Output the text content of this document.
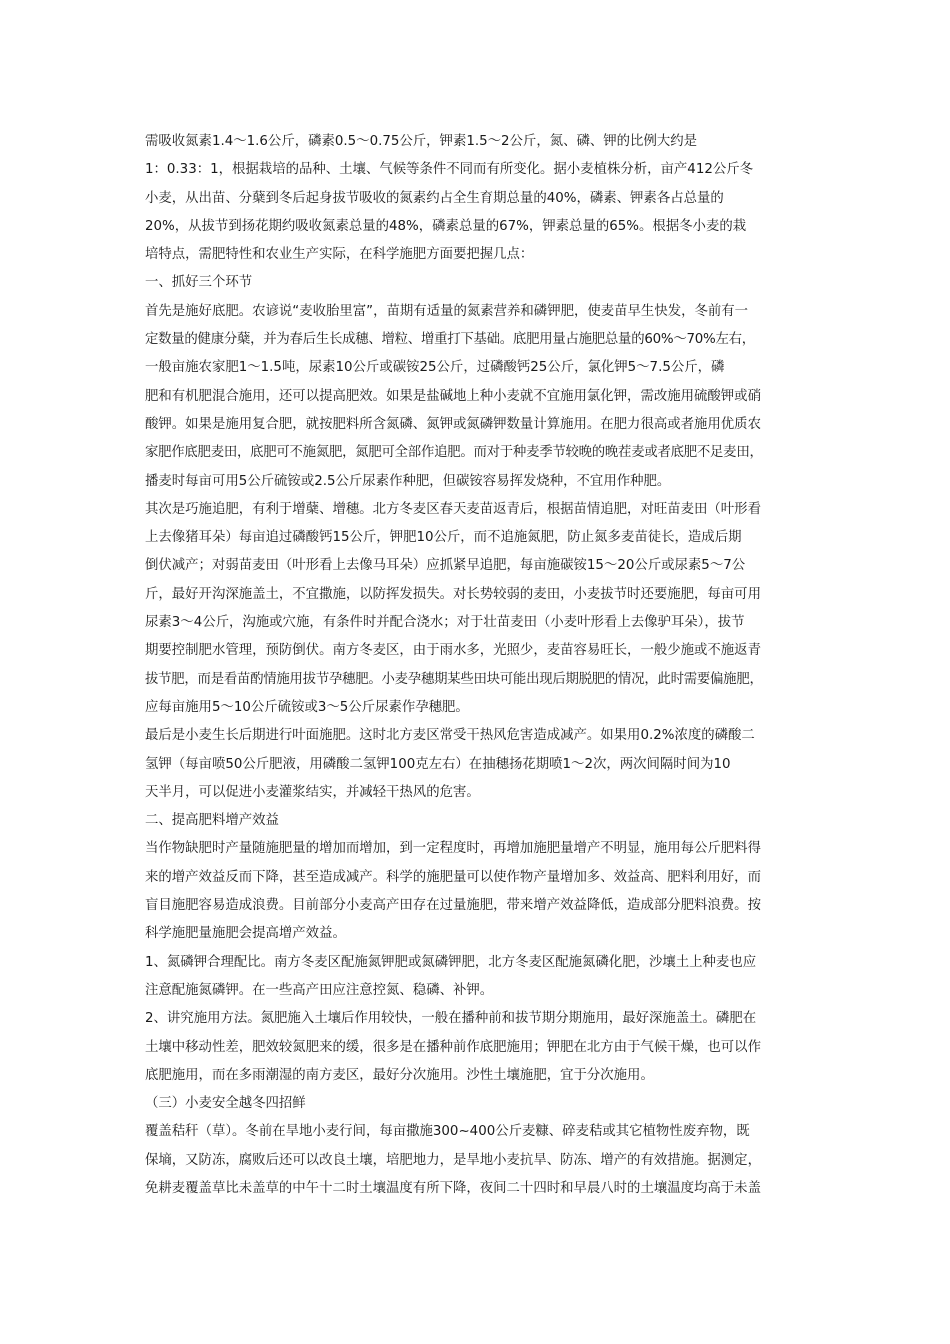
需吸收氮素1.4～1.6公斤，磷素0.5～0.75公斤，钾素1.5～2公斤，氮、磷、钾的比例大约是
1：0.33：1，根据栽培的品种、土壤、气候等条件不同而有所变化。据小麦植株分析，亩产412公斤冬
小麦，从出苗、分蘖到冬后起身拔节吸收的氮素约占全生育期总量的40%，磷素、钾素各占总量的
20%，从拔节到扬花期约吸收氮素总量的48%，磷素总量的67%，钾素总量的65%。根据冬小麦的栽
培特点，需肥特性和农业生产实际，在科学施肥方面要把握几点：
一、抓好三个环节
首先是施好底肥。农谚说“麦收胎里富”，苗期有适量的氮素营养和磷钾肥，使麦苗早生快发，冬前有一
定数量的健康分蘖，并为春后生长成穗、增粒、增重打下基础。底肥用量占施肥总量的60%～70%左右，
一般亩施农家肥1～1.5吨，尿素10公斤或碳铵25公斤，过磷酸钙25公斤，氯化钾5～7.5公斤，磷
肥和有机肥混合施用，还可以提高肥效。如果是盐碱地上种小麦就不宜施用氯化钾，需改施用硫酸钾或硝
酸钾。如果是施用复合肥，就按肥料所含氮磷、氮钾或氮磷钾数量计算施用。在肥力很高或者施用优质农
家肥作底肥麦田，底肥可不施氮肥，氮肥可全部作追肥。而对于种麦季节较晚的晚茬麦或者底肥不足麦田，
播麦时每亩可用5公斤硫铵或2.5公斤尿素作种肥，但碳铵容易挥发烧种，不宜用作种肥。
其次是巧施追肥，有利于增蘖、增穗。北方冬麦区春天麦苗返青后，根据苗情追肥，对旺苗麦田（叶形看
上去像猪耳朵）每亩追过磷酸钙15公斤，钾肥10公斤，而不追施氮肥，防止氮多麦苗徒长，造成后期
倒伏减产；对弱苗麦田（叶形看上去像马耳朵）应抓紧早追肥，每亩施碳铵15～20公斤或尿素5～7公
斤，最好开沟深施盖土，不宜撒施，以防挥发损失。对长势较弱的麦田，小麦拔节时还要施肥，每亩可用
尿素3～4公斤，沟施或穴施，有条件时并配合浇水；对于壮苗麦田（小麦叶形看上去像驴耳朵），拔节
期要控制肥水管理，预防倒伏。南方冬麦区，由于雨水多，光照少，麦苗容易旺长，一般少施或不施返青
拔节肥，而是看苗酌情施用拔节孕穗肥。小麦孕穗期某些田块可能出现后期脱肥的情况，此时需要偏施肥，
应每亩施用5～10公斤硫铵或3～5公斤尿素作孕穗肥。
最后是小麦生长后期进行叶面施肥。这时北方麦区常受干热风危害造成减产。如果用0.2%浓度的磷酸二
氢钾（每亩喷50公斤肥液，用磷酸二氢钾100克左右）在抽穗扬花期喷1～2次，两次间隔时间为10
天半月，可以促进小麦灌浆结实，并减轻干热风的危害。
二、提高肥料增产效益
当作物缺肥时产量随施肥量的增加而增加，到一定程度时，再增加施肥量增产不明显，施用每公斤肥料得
来的增产效益反而下降，甚至造成减产。科学的施肥量可以使作物产量增加多、效益高、肥料利用好，而
盲目施肥容易造成浪费。目前部分小麦高产田存在过量施肥，带来增产效益降低，造成部分肥料浪费。按
科学施肥量施肥会提高增产效益。
1、氮磷钾合理配比。南方冬麦区配施氮钾肥或氮磷钾肥，北方冬麦区配施氮磷化肥，沙壤土上种麦也应
注意配施氮磷钾。在一些高产田应注意控氮、稳磷、补钾。
2、讲究施用方法。氮肥施入土壤后作用较快，一般在播种前和拔节期分期施用，最好深施盖土。磷肥在
土壤中移动性差，肥效较氮肥来的缓，很多是在播种前作底肥施用；钾肥在北方由于气候干燥，也可以作
底肥施用，而在多雨潮湿的南方麦区，最好分次施用。沙性土壤施肥，宜于分次施用。
（三）小麦安全越冬四招鲜
覆盖秸秆（草）。冬前在旱地小麦行间，每亩撒施300~400公斤麦糠、碎麦秸或其它植物性废弃物，既
保墒，又防冻，腐败后还可以改良土壤，培肥地力，是旱地小麦抗旱、防冻、增产的有效措施。据测定，
免耕麦覆盖草比未盖草的中午十二时土壤温度有所下降，夜间二十四时和早晨八时的土壤温度均高于未盖
